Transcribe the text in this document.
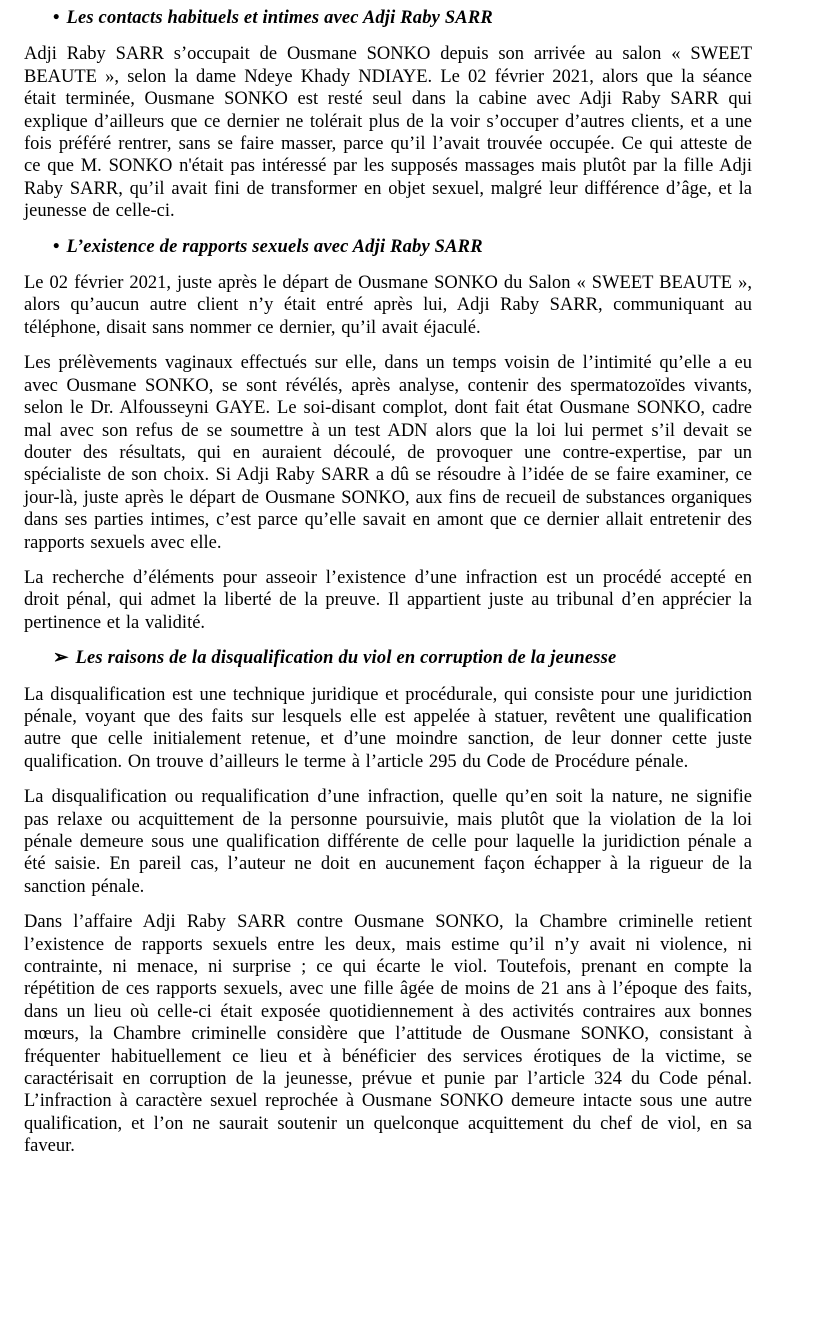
• Les contacts habituels et intimes avec Adji Raby SARR

Adji Raby SARR s’occupait de Ousmane SONKO depuis son arrivée au salon « SWEET BEAUTE », selon la dame Ndeye Khady NDIAYE. Le 02 février 2021, alors que la séance était terminée, Ousmane SONKO est resté seul dans la cabine avec Adji Raby SARR qui explique d’ailleurs que ce dernier ne tolérait plus de la voir s’occuper d’autres clients, et a une fois préféré rentrer, sans se faire masser, parce qu’il l’avait trouvée occupée. Ce qui atteste de ce que M. SONKO n'était pas intéressé par les supposés massages mais plutôt par la fille Adji Raby SARR, qu’il avait fini de transformer en objet sexuel, malgré leur différence d’âge, et la jeunesse de celle-ci.

• L’existence de rapports sexuels avec Adji Raby SARR

Le 02 février 2021, juste après le départ de Ousmane SONKO du Salon « SWEET BEAUTE », alors qu’aucun autre client n’y était entré après lui, Adji Raby SARR, communiquant au téléphone, disait sans nommer ce dernier, qu’il avait éjaculé.

Les prélèvements vaginaux effectués sur elle, dans un temps voisin de l’intimité qu’elle a eu avec Ousmane SONKO, se sont révélés, après analyse, contenir des spermatozoïdes vivants, selon le Dr. Alfousseyni GAYE. Le soi-disant complot, dont fait état Ousmane SONKO, cadre mal avec son refus de se soumettre à un test ADN alors que la loi lui permet s’il devait se douter des résultats, qui en auraient découlé, de provoquer une contre-expertise, par un spécialiste de son choix. Si Adji Raby SARR a dû se résoudre à l’idée de se faire examiner, ce jour-là, juste après le départ de Ousmane SONKO, aux fins de recueil de substances organiques dans ses parties intimes, c’est parce qu’elle savait en amont que ce dernier allait entretenir des rapports sexuels avec elle.

La recherche d’éléments pour asseoir l’existence d’une infraction est un procédé accepté en droit pénal, qui admet la liberté de la preuve. Il appartient juste au tribunal d’en apprécier la pertinence et la validité.

➢ Les raisons de la disqualification du viol en corruption de la jeunesse

La disqualification est une technique juridique et procédurale, qui consiste pour une juridiction pénale, voyant que des faits sur lesquels elle est appelée à statuer, revêtent une qualification autre que celle initialement retenue, et d’une moindre sanction, de leur donner cette juste qualification. On trouve d’ailleurs le terme à l’article 295 du Code de Procédure pénale.

La disqualification ou requalification d’une infraction, quelle qu’en soit la nature, ne signifie pas relaxe ou acquittement de la personne poursuivie, mais plutôt que la violation de la loi pénale demeure sous une qualification différente de celle pour laquelle la juridiction pénale a été saisie. En pareil cas, l’auteur ne doit en aucunement façon échapper à la rigueur de la sanction pénale.

Dans l’affaire Adji Raby SARR contre Ousmane SONKO, la Chambre criminelle retient l’existence de rapports sexuels entre les deux, mais estime qu’il n’y avait ni violence, ni contrainte, ni menace, ni surprise ; ce qui écarte le viol. Toutefois, prenant en compte la répétition de ces rapports sexuels, avec une fille âgée de moins de 21 ans à l’époque des faits, dans un lieu où celle-ci était exposée quotidiennement à des activités contraires aux bonnes mœurs, la Chambre criminelle considère que l’attitude de Ousmane SONKO, consistant à fréquenter habituellement ce lieu et à bénéficier des services érotiques de la victime, se caractérisait en corruption de la jeunesse, prévue et punie par l’article 324 du Code pénal. L’infraction à caractère sexuel reprochée à Ousmane SONKO demeure intacte sous une autre qualification, et l’on ne saurait soutenir un quelconque acquittement du chef de viol, en sa faveur.
